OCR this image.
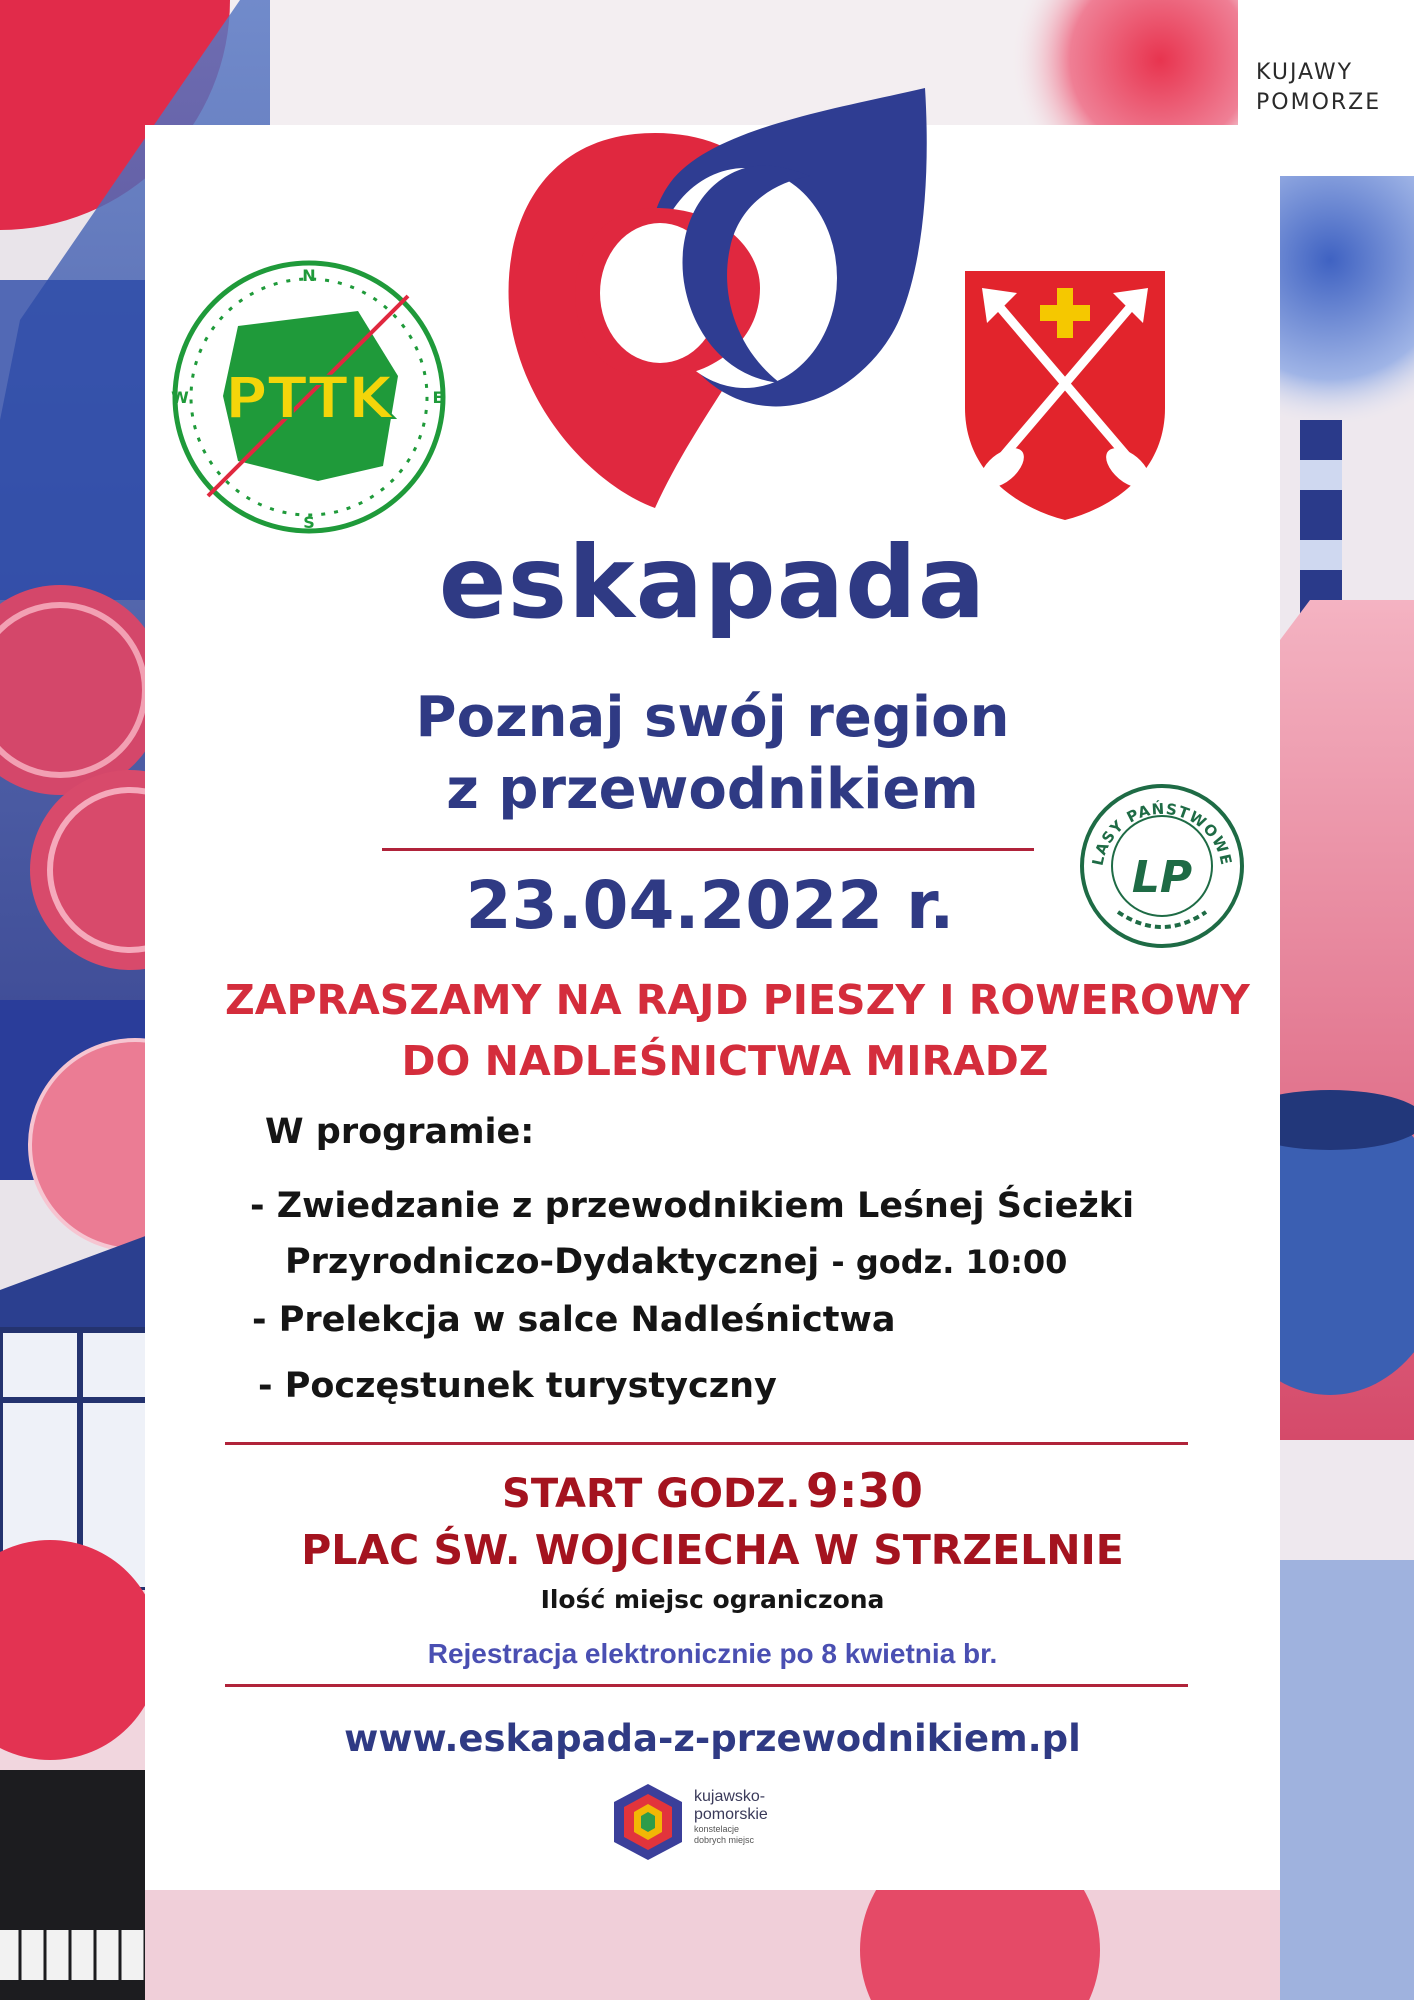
KUJAWY
POMORZE
N
S
E
W PTTK
LASY PAŃSTWOWE
LP
eskapada
Poznaj swój region
z przewodnikiem
23.04.2022 r.
ZAPRASZAMY NA RAJD PIESZY I ROWEROWY
DO NADLEŚNICTWA MIRADZ
W programie:
- Zwiedzanie z przewodnikiem Leśnej Ścieżki
Przyrodniczo-Dydaktycznej - godz. 10:00
- Prelekcja w salce Nadleśnictwa
- Poczęstunek turystyczny
START GODZ. 9:30
PLAC ŚW. WOJCIECHA W STRZELNIE
Ilość miejsc ograniczona
Rejestracja elektronicznie po 8 kwietnia br.
www.eskapada-z-przewodnikiem.pl
kujawsko-
pomorskie
konstelacje
dobrych miejsc
